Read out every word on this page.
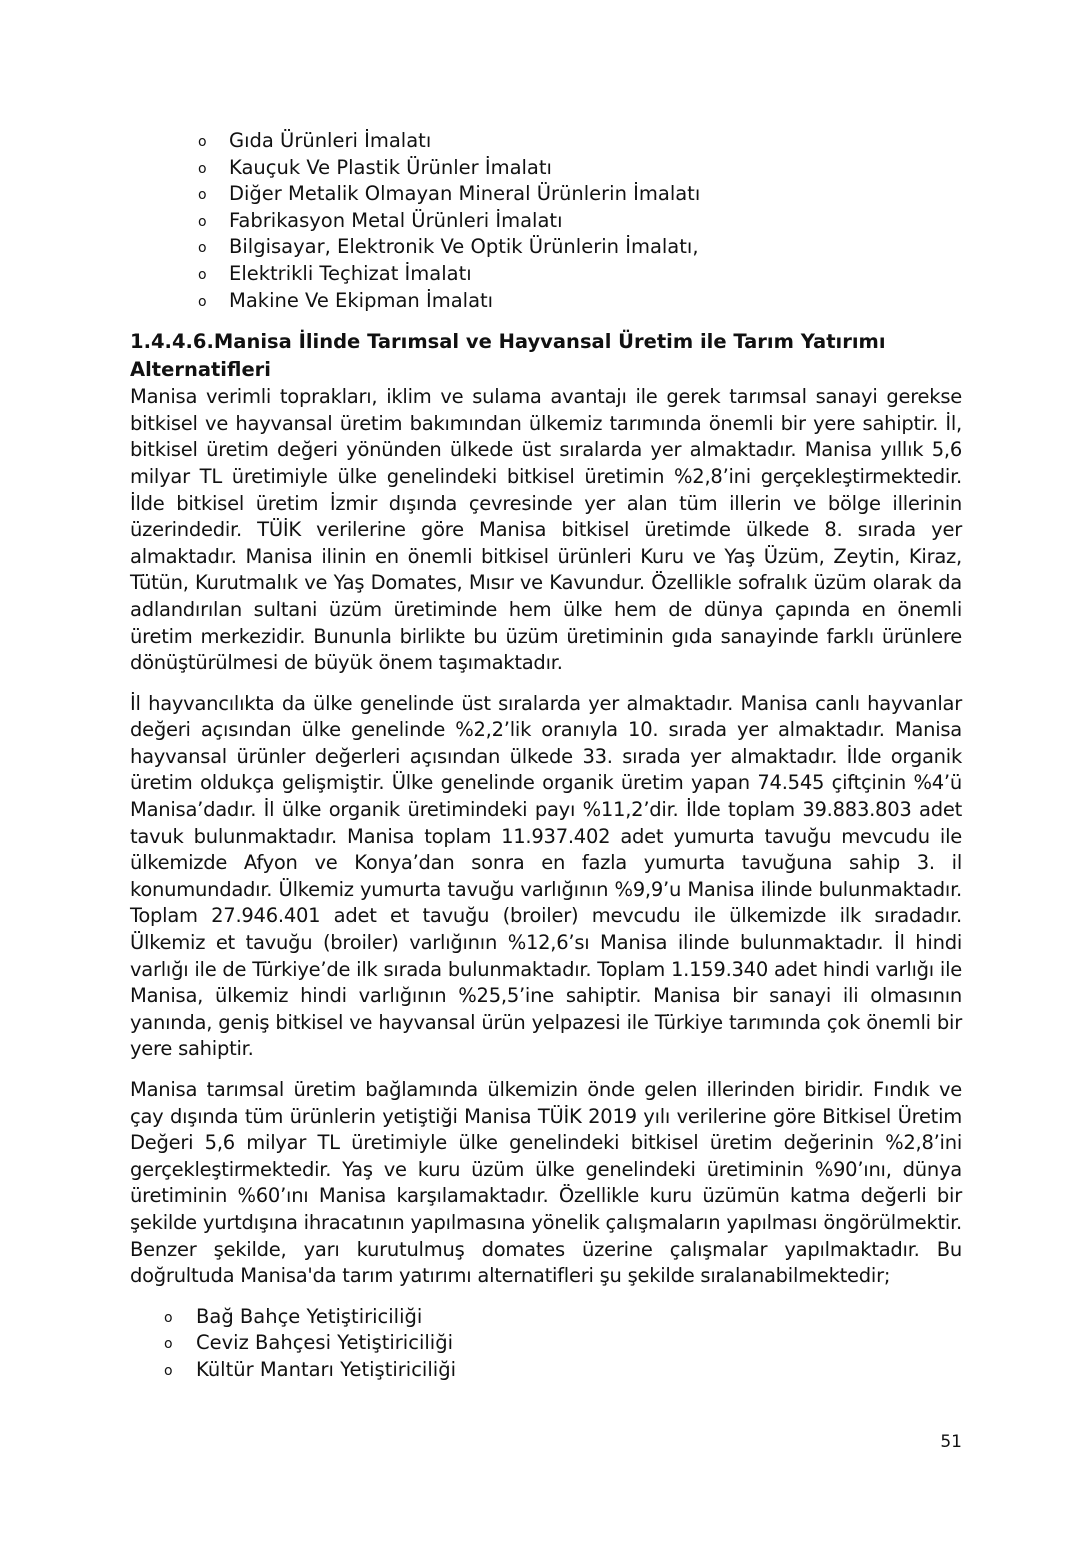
o Gıda Ürünleri İmalatı
o Kauçuk Ve Plastik Ürünler İmalatı
o Diğer Metalik Olmayan Mineral Ürünlerin İmalatı
o Fabrikasyon Metal Ürünleri İmalatı
o Bilgisayar, Elektronik Ve Optik Ürünlerin İmalatı,
o Elektrikli Teçhizat İmalatı
o Makine Ve Ekipman İmalatı
1.4.4.6.Manisa İlinde Tarımsal ve Hayvansal Üretim ile Tarım Yatırımı Alternatifleri

Manisa verimli toprakları, iklim ve sulama avantajı ile gerek tarımsal sanayi gerekse bitkisel ve hayvansal üretim bakımından ülkemiz tarımında önemli bir yere sahiptir. İl, bitkisel üretim değeri yönünden ülkede üst sıralarda yer almaktadır. Manisa yıllık 5,6 milyar TL üretimiyle ülke genelindeki bitkisel üretimin %2,8’ini gerçekleştirmektedir. İlde bitkisel üretim İzmir dışında çevresinde yer alan tüm illerin ve bölge illerinin üzerindedir. TÜİK verilerine göre Manisa bitkisel üretimde ülkede 8. sırada yer almaktadır. Manisa ilinin en önemli bitkisel ürünleri Kuru ve Yaş Üzüm, Zeytin, Kiraz, Tütün, Kurutmalık ve Yaş Domates, Mısır ve Kavundur. Özellikle sofralık üzüm olarak da adlandırılan sultani üzüm üretiminde hem ülke hem de dünya çapında en önemli üretim merkezidir. Bununla birlikte bu üzüm üretiminin gıda sanayinde farklı ürünlere dönüştürülmesi de büyük önem taşımaktadır.

İl hayvancılıkta da ülke genelinde üst sıralarda yer almaktadır. Manisa canlı hayvanlar değeri açısından ülke genelinde %2,2’lik oranıyla 10. sırada yer almaktadır. Manisa hayvansal ürünler değerleri açısından ülkede 33. sırada yer almaktadır. İlde organik üretim oldukça gelişmiştir. Ülke genelinde organik üretim yapan 74.545 çiftçinin %4’ü Manisa’dadır. İl ülke organik üretimindeki payı %11,2’dir. İlde toplam 39.883.803 adet tavuk bulunmaktadır. Manisa toplam 11.937.402 adet yumurta tavuğu mevcudu ile ülkemizde Afyon ve Konya’dan sonra en fazla yumurta tavuğuna sahip 3. il konumundadır. Ülkemiz yumurta tavuğu varlığının %9,9’u Manisa ilinde bulunmaktadır. Toplam 27.946.401 adet et tavuğu (broiler) mevcudu ile ülkemizde ilk sıradadır. Ülkemiz et tavuğu (broiler) varlığının %12,6’sı Manisa ilinde bulunmaktadır. İl hindi varlığı ile de Türkiye’de ilk sırada bulunmaktadır. Toplam 1.159.340 adet hindi varlığı ile Manisa, ülkemiz hindi varlığının %25,5’ine sahiptir. Manisa bir sanayi ili olmasının yanında, geniş bitkisel ve hayvansal ürün yelpazesi ile Türkiye tarımında çok önemli bir yere sahiptir.

Manisa tarımsal üretim bağlamında ülkemizin önde gelen illerinden biridir. Fındık ve çay dışında tüm ürünlerin yetiştiği Manisa TÜİK 2019 yılı verilerine göre Bitkisel Üretim Değeri 5,6 milyar TL üretimiyle ülke genelindeki bitkisel üretim değerinin %2,8’ini gerçekleştirmektedir. Yaş ve kuru üzüm ülke genelindeki üretiminin %90’ını, dünya üretiminin %60’ını Manisa karşılamaktadır. Özellikle kuru üzümün katma değerli bir şekilde yurtdışına ihracatının yapılmasına yönelik çalışmaların yapılması öngörülmektir. Benzer şekilde, yarı kurutulmuş domates üzerine çalışmalar yapılmaktadır. Bu doğrultuda Manisa'da tarım yatırımı alternatifleri şu şekilde sıralanabilmektedir;

o Bağ Bahçe Yetiştiriciliği
o Ceviz Bahçesi Yetiştiriciliği
o Kültür Mantarı Yetiştiriciliği
51
